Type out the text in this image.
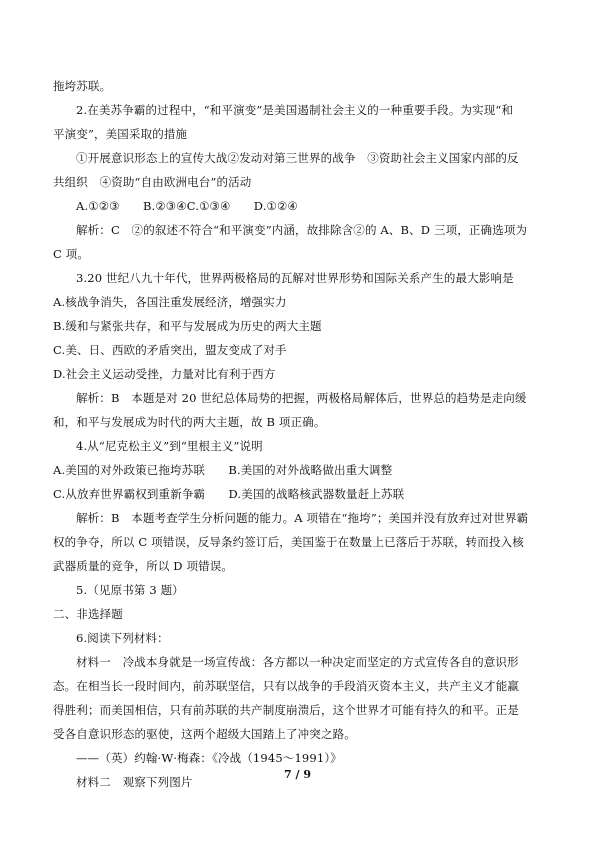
拖垮苏联。
2.在美苏争霸的过程中，“和平演变”是美国遏制社会主义的一种重要手段。为实现“和
平演变”，美国采取的措施
①开展意识形态上的宣传大战②发动对第三世界的战争　③资助社会主义国家内部的反
共组织　④资助“自由欧洲电台”的活动
A.①②③　　B.②③④C.①③④　　D.①②④
解析：C　②的叙述不符合“和平演变”内涵，故排除含②的 A、B、D 三项，正确选项为
C 项。
3.20 世纪八九十年代，世界两极格局的瓦解对世界形势和国际关系产生的最大影响是
A.核战争消失，各国注重发展经济，增强实力
B.缓和与紧张共存，和平与发展成为历史的两大主题
C.美、日、西欧的矛盾突出，盟友变成了对手
D.社会主义运动受挫，力量对比有利于西方
解析：B　本题是对 20 世纪总体局势的把握，两极格局解体后，世界总的趋势是走向缓
和，和平与发展成为时代的两大主题，故 B 项正确。
4.从“尼克松主义”到“里根主义”说明
A.美国的对外政策已拖垮苏联　　B.美国的对外战略做出重大调整
C.从放弃世界霸权到重新争霸　　D.美国的战略核武器数量赶上苏联
解析：B　本题考查学生分析问题的能力。A 项错在“拖垮”；美国并没有放弃过对世界霸
权的争夺，所以 C 项错误，反导条约签订后，美国鉴于在数量上已落后于苏联，转而投入核
武器质量的竞争，所以 D 项错误。
5.（见原书第 3 题）
二、非选择题
6.阅读下列材料：
材料一　冷战本身就是一场宣传战：各方都以一种决定而坚定的方式宣传各自的意识形
态。在相当长一段时间内，前苏联坚信，只有以战争的手段消灭资本主义，共产主义才能赢
得胜利；而美国相信，只有前苏联的共产制度崩溃后，这个世界才可能有持久的和平。正是
受各自意识形态的驱使，这两个超级大国踏上了冲突之路。
——（英）约翰·W·梅森：《冷战（1945～1991）》
材料二　观察下列图片
7 / 9
